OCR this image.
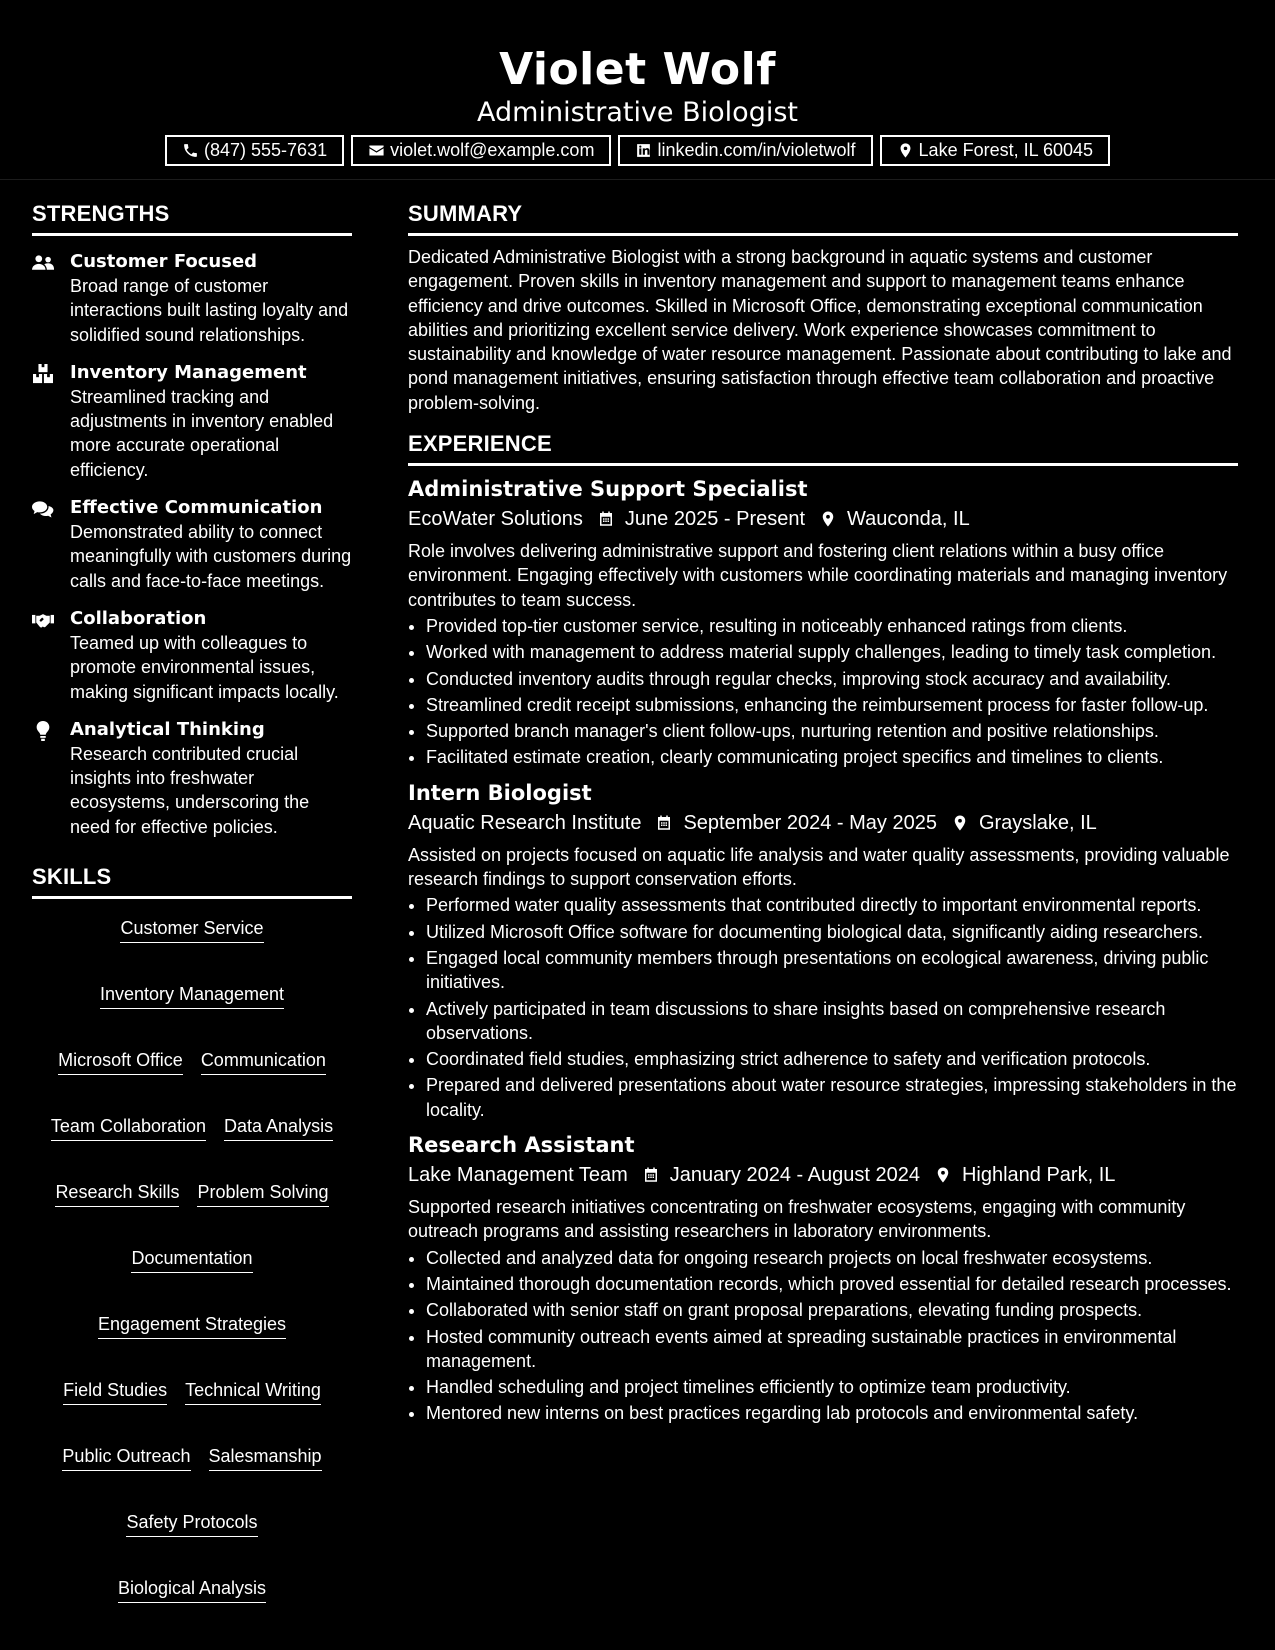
Violet Wolf
Administrative Biologist
(847) 555-7631	violet.wolf@example.com	linkedin.com/in/violetwolf	Lake Forest, IL 60045
STRENGTHS
Customer Focused
Broad range of customer interactions built lasting loyalty and solidified sound relationships.
Inventory Management
Streamlined tracking and adjustments in inventory enabled more accurate operational efficiency.
Effective Communication
Demonstrated ability to connect meaningfully with customers during calls and face-to-face meetings.
Collaboration
Teamed up with colleagues to promote environmental issues, making significant impacts locally.
Analytical Thinking
Research contributed crucial insights into freshwater ecosystems, underscoring the need for effective policies.
SKILLS
Customer Service
Inventory Management
Microsoft Office Communication
Team Collaboration Data Analysis
Research Skills Problem Solving
Documentation
Engagement Strategies
Field Studies Technical Writing
Public Outreach Salesmanship
Safety Protocols
Biological Analysis
SUMMARY
Dedicated Administrative Biologist with a strong background in aquatic systems and customer engagement. Proven skills in inventory management and support to management teams enhance efficiency and drive outcomes. Skilled in Microsoft Office, demonstrating exceptional communication abilities and prioritizing excellent service delivery. Work experience showcases commitment to sustainability and knowledge of water resource management. Passionate about contributing to lake and pond management initiatives, ensuring satisfaction through effective team collaboration and proactive problem-solving.
EXPERIENCE
Administrative Support Specialist
EcoWater Solutions June 2025 - Present Wauconda, IL
Role involves delivering administrative support and fostering client relations within a busy office environment. Engaging effectively with customers while coordinating materials and managing inventory contributes to team success.
• Provided top-tier customer service, resulting in noticeably enhanced ratings from clients.
• Worked with management to address material supply challenges, leading to timely task completion.
• Conducted inventory audits through regular checks, improving stock accuracy and availability.
• Streamlined credit receipt submissions, enhancing the reimbursement process for faster follow-up.
• Supported branch manager's client follow-ups, nurturing retention and positive relationships.
• Facilitated estimate creation, clearly communicating project specifics and timelines to clients.
Intern Biologist
Aquatic Research Institute September 2024 - May 2025 Grayslake, IL
Assisted on projects focused on aquatic life analysis and water quality assessments, providing valuable research findings to support conservation efforts.
• Performed water quality assessments that contributed directly to important environmental reports.
• Utilized Microsoft Office software for documenting biological data, significantly aiding researchers.
• Engaged local community members through presentations on ecological awareness, driving public initiatives.
• Actively participated in team discussions to share insights based on comprehensive research observations.
• Coordinated field studies, emphasizing strict adherence to safety and verification protocols.
• Prepared and delivered presentations about water resource strategies, impressing stakeholders in the locality.
Research Assistant
Lake Management Team January 2024 - August 2024 Highland Park, IL
Supported research initiatives concentrating on freshwater ecosystems, engaging with community outreach programs and assisting researchers in laboratory environments.
• Collected and analyzed data for ongoing research projects on local freshwater ecosystems.
• Maintained thorough documentation records, which proved essential for detailed research processes.
• Collaborated with senior staff on grant proposal preparations, elevating funding prospects.
• Hosted community outreach events aimed at spreading sustainable practices in environmental management.
• Handled scheduling and project timelines efficiently to optimize team productivity.
• Mentored new interns on best practices regarding lab protocols and environmental safety.
